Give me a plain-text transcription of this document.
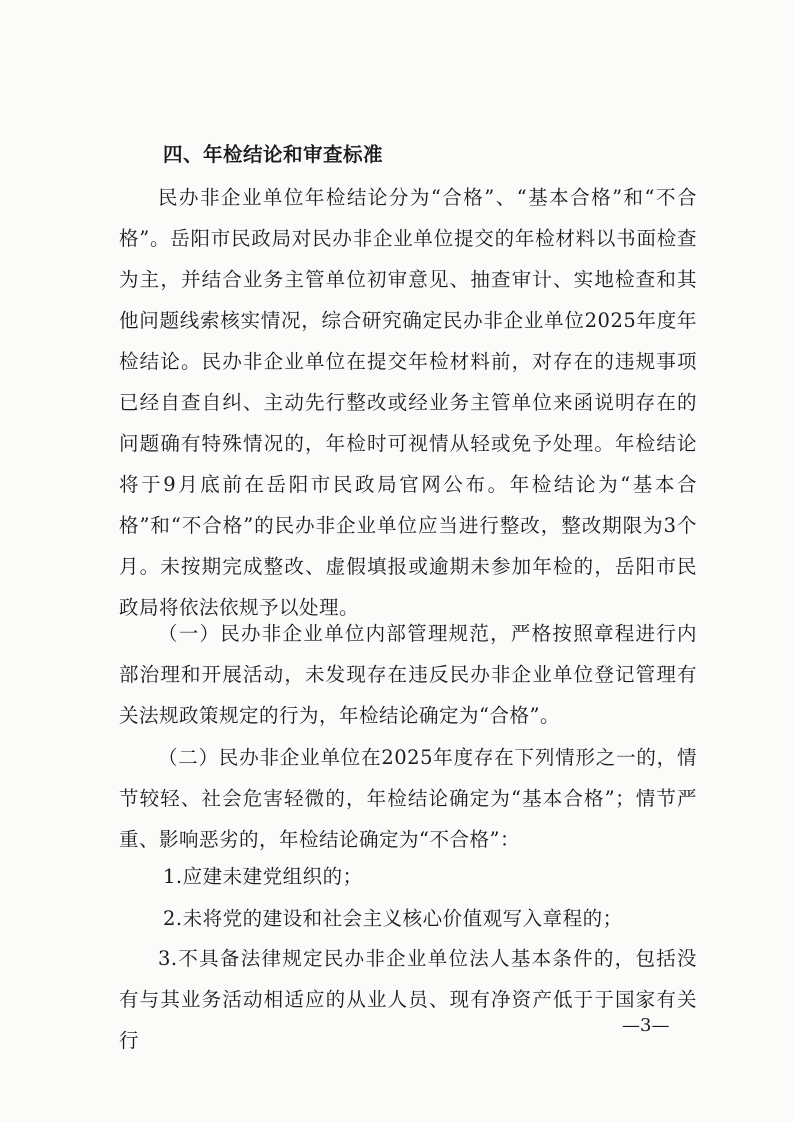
四、年检结论和审查标准
民办非企业单位年检结论分为“合格”、“基本合格”和“不合格”。岳阳市民政局对民办非企业单位提交的年检材料以书面检查为主，并结合业务主管单位初审意见、抽查审计、实地检查和其他问题线索核实情况，综合研究确定民办非企业单位2025年度年检结论。民办非企业单位在提交年检材料前，对存在的违规事项已经自查自纠、主动先行整改或经业务主管单位来函说明存在的问题确有特殊情况的，年检时可视情从轻或免予处理。年检结论将于9月底前在岳阳市民政局官网公布。年检结论为“基本合格”和“不合格”的民办非企业单位应当进行整改，整改期限为3个月。未按期完成整改、虚假填报或逾期未参加年检的，岳阳市民政局将依法依规予以处理。
（一）民办非企业单位内部管理规范，严格按照章程进行内部治理和开展活动，未发现存在违反民办非企业单位登记管理有关法规政策规定的行为，年检结论确定为“合格”。
（二）民办非企业单位在2025年度存在下列情形之一的，情节较轻、社会危害轻微的，年检结论确定为“基本合格”；情节严重、影响恶劣的，年检结论确定为“不合格”：
1.应建未建党组织的；
2.未将党的建设和社会主义核心价值观写入章程的；
3.不具备法律规定民办非企业单位法人基本条件的，包括没有与其业务活动相适应的从业人员、现有净资产低于于国家有关行
—3—
